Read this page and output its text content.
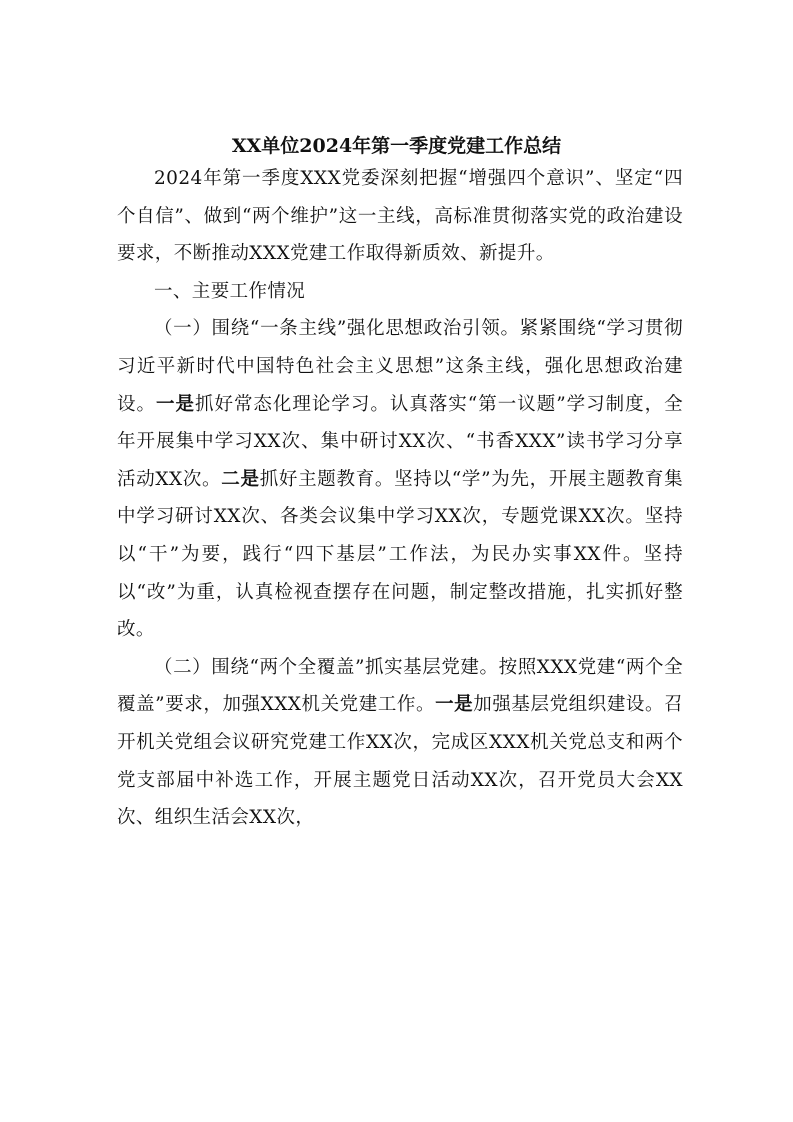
XX单位2024年第一季度党建工作总结

2024年第一季度XXX党委深刻把握“增强四个意识”、坚定“四个自信”、做到“两个维护”这一主线，高标准贯彻落实党的政治建设要求，不断推动XXX党建工作取得新质效、新提升。

一、主要工作情况

（一）围绕“一条主线”强化思想政治引领。紧紧围绕“学习贯彻习近平新时代中国特色社会主义思想”这条主线，强化思想政治建设。一是抓好常态化理论学习。认真落实“第一议题”学习制度，全年开展集中学习XX次、集中研讨XX次、“书香XXX”读书学习分享活动XX次。二是抓好主题教育。坚持以“学”为先，开展主题教育集中学习研讨XX次、各类会议集中学习XX次，专题党课XX次。坚持以“干”为要，践行“四下基层”工作法，为民办实事XX件。坚持以“改”为重，认真检视查摆存在问题，制定整改措施，扎实抓好整改。

（二）围绕“两个全覆盖”抓实基层党建。按照XXX党建“两个全覆盖”要求，加强XXX机关党建工作。一是加强基层党组织建设。召开机关党组会议研究党建工作XX次，完成区XXX机关党总支和两个党支部届中补选工作，开展主题党日活动XX次，召开党员大会XX次、组织生活会XX次，
